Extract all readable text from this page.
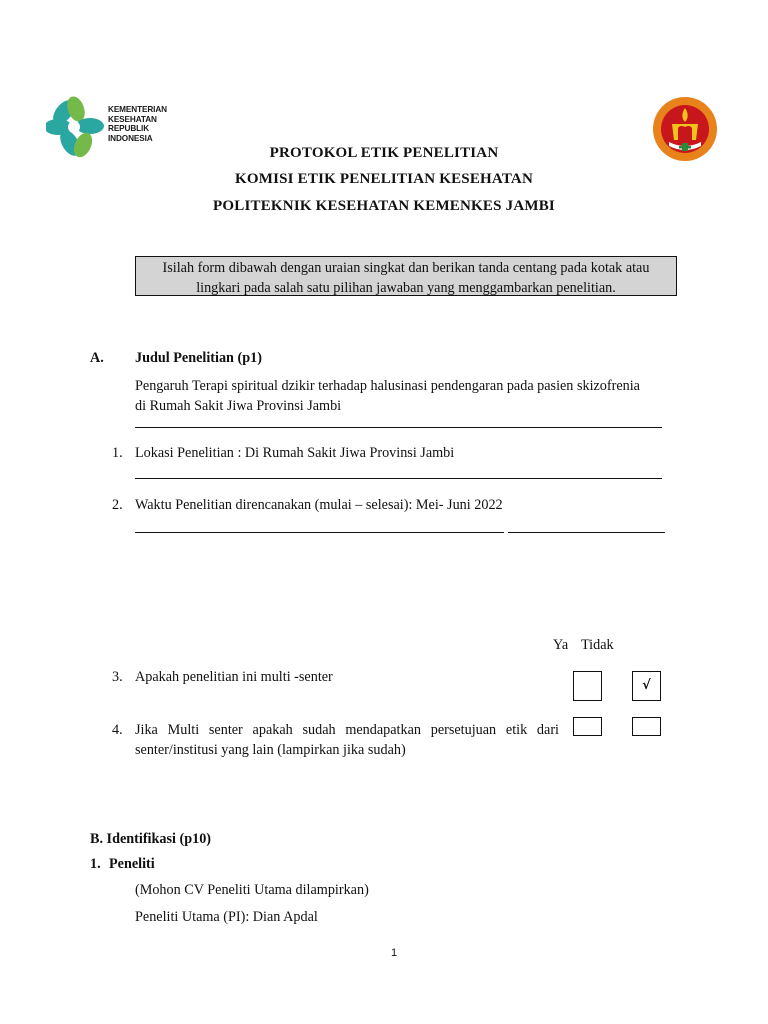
KEMENTERIAN
KESEHATAN
REPUBLIK
INDONESIA
PROTOKOL ETIK PENELITIAN
KOMISI ETIK PENELITIAN KESEHATAN
POLITEKNIK KESEHATAN KEMENKES JAMBI
Isilah form dibawah dengan uraian singkat dan berikan tanda centang pada kotak atau
lingkari pada salah satu pilihan jawaban yang menggambarkan penelitian.
A. Judul Penelitian (p1)
Pengaruh Terapi spiritual dzikir terhadap halusinasi pendengaran pada pasien skizofrenia
di Rumah Sakit Jiwa Provinsi Jambi
1. Lokasi Penelitian : Di Rumah Sakit Jiwa Provinsi Jambi
2. Waktu Penelitian direncanakan (mulai – selesai): Mei- Juni 2022
Ya Tidak
3. Apakah penelitian ini multi -senter
√
4. Jika Multi senter apakah sudah mendapatkan persetujuan etik dari senter/institusi yang lain (lampirkan jika sudah)
B. Identifikasi (p10)
1. Peneliti
(Mohon CV Peneliti Utama dilampirkan)
Peneliti Utama (PI): Dian Apdal
1
